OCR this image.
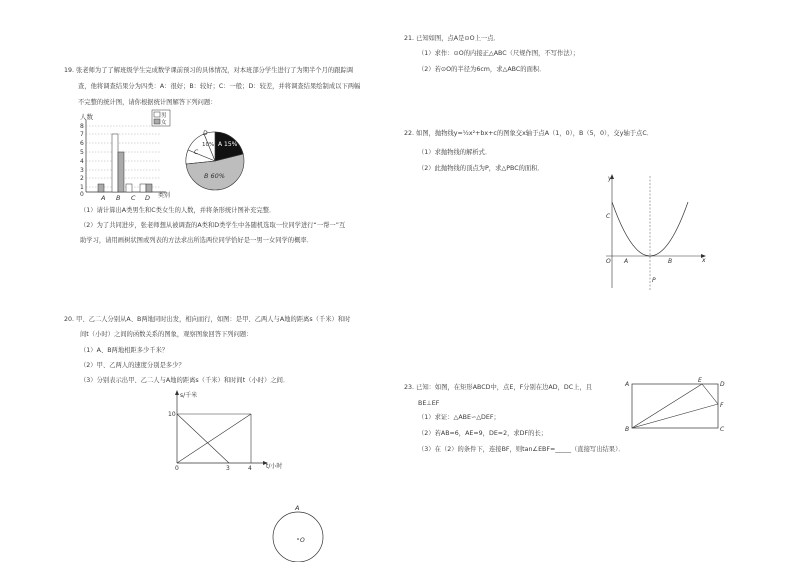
19. 张老师为了了解班级学生完成数学课前预习的具体情况，对本班部分学生进行了为期半个月的跟踪调
查，他将调查结果分为四类：A：很好；B：较好；C：一般；D：较差，并将调查结果绘制成以下两幅
不完整的统计图，请你根据统计图解答下列问题：
人数
8
7
6
5
4
3
2
1
0	A B C D 类别
男
女
D
C
10% A 15%
B 60%
（1）请计算出A类男生和C类女生的人数，并将条形统计图补充完整．
（2）为了共同进步，张老师想从被调查的A类和D类学生中各随机选取一位同学进行“一帮一”互
助学习，请用画树状图或列表的方法求出所选两位同学恰好是一男一女同学的概率．
20. 甲、乙二人分别从A、B两地同时出发，相向而行，如图：是甲、乙两人与A地的距离s（千米）和时
间t（小时）之间的函数关系的图象，观察图象回答下列问题：
（1）A、B两地相距多少千米？
（2）甲、乙两人的速度分别是多少？
（3）分别表示出甲、乙二人与A地的距离s（千米）和时间t（小时）之间．
s/千米
t/小时
10
0	3	4
A
O
21. 已知如图，点A是⊙O上一点．
（1）求作：⊙O的内接正△ABC（尺规作图，不写作法）；
（2）若⊙O的半径为6cm，求△ABC的面积．
22. 如图，抛物线y=½x²+bx+c的图象交x轴于点A（1，0），B（5，0），交y轴于点C．
（1）求抛物线的解析式．
（2）此抛物线的顶点为P，求△PBC的面积．
y
x
C
O A	B
P
23. 已知：如图，在矩形ABCD中，点E，F分别在边AD，DC上，且
BE⊥EF
（1）求证：△ABE∽△DEF；
（2）若AB=6，AE=9，DE=2，求DF的长；
（3）在（2）的条件下，连接BF，则tan∠EBF=_____（直接写出结果）．
A
E
D
F
B	C
